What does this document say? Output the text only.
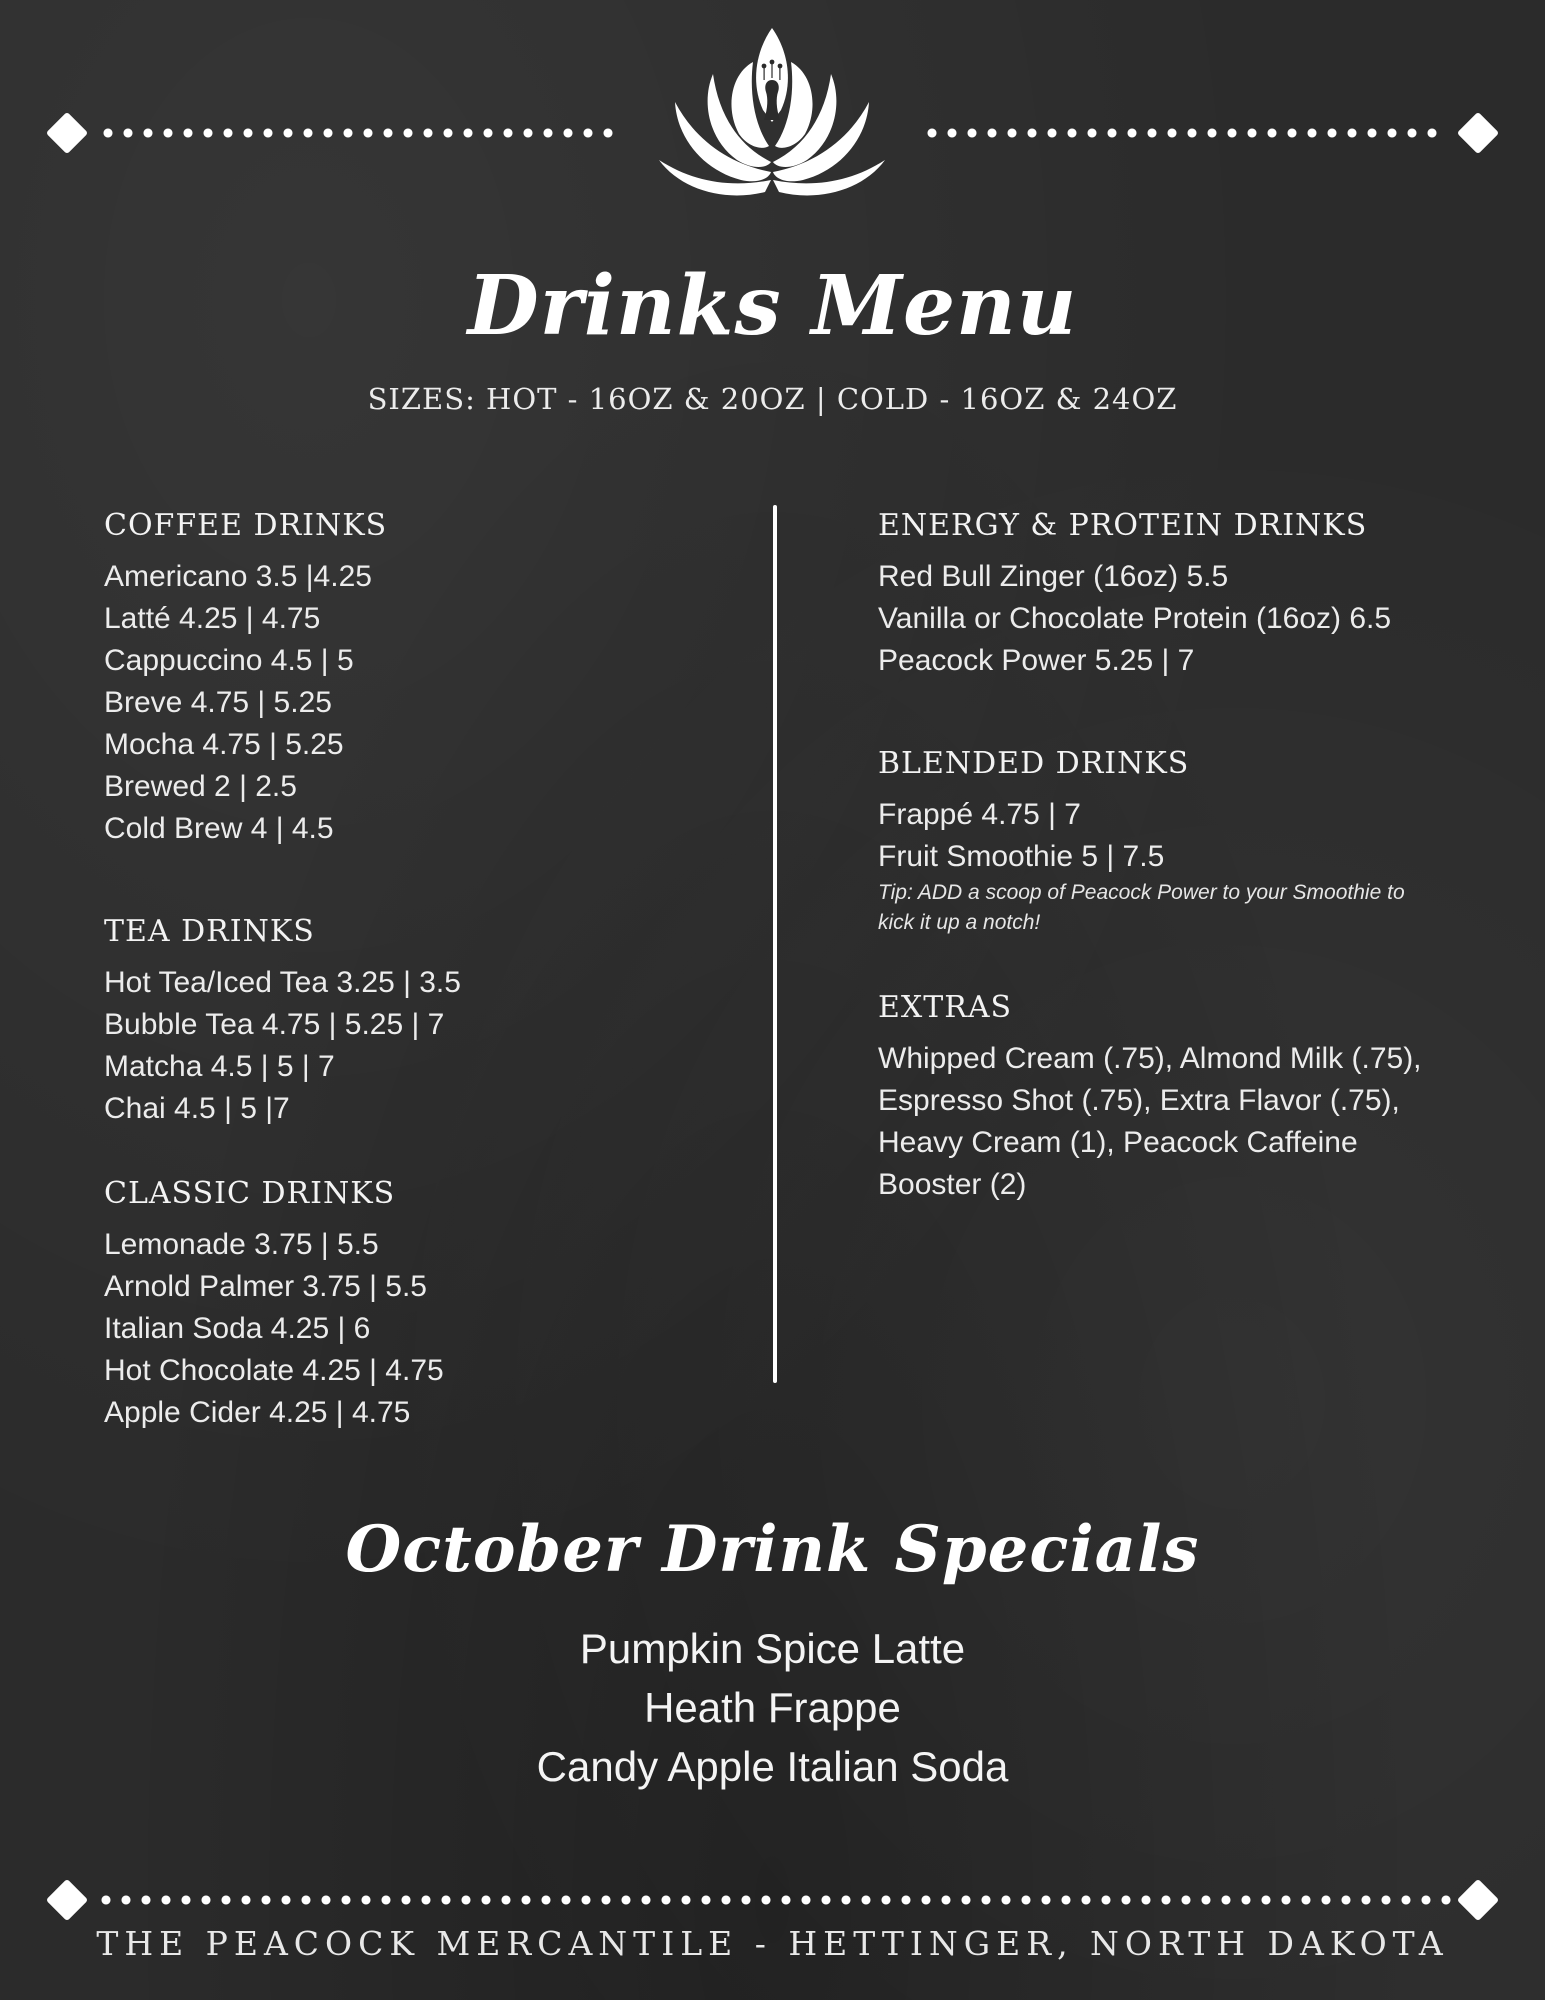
Drinks Menu
SIZES: HOT - 16OZ & 20OZ | COLD - 16OZ & 24OZ
COFFEE DRINKS
Americano 3.5 |4.25
Latté 4.25 | 4.75
Cappuccino 4.5 | 5
Breve 4.75 | 5.25
Mocha 4.75 | 5.25
Brewed 2 | 2.5
Cold Brew 4 | 4.5
TEA DRINKS
Hot Tea/Iced Tea 3.25 | 3.5
Bubble Tea 4.75 | 5.25 | 7
Matcha 4.5 | 5 | 7
Chai 4.5 | 5 |7
CLASSIC DRINKS
Lemonade 3.75 | 5.5
Arnold Palmer 3.75 | 5.5
Italian Soda 4.25 | 6
Hot Chocolate 4.25 | 4.75
Apple Cider 4.25 | 4.75
ENERGY & PROTEIN DRINKS
Red Bull Zinger (16oz) 5.5
Vanilla or Chocolate Protein (16oz) 6.5
Peacock Power 5.25 | 7
BLENDED DRINKS
Frappé 4.75 | 7
Fruit Smoothie 5 | 7.5
Tip: ADD a scoop of Peacock Power to your Smoothie to kick it up a notch!
EXTRAS
Whipped Cream (.75), Almond Milk (.75), Espresso Shot (.75), Extra Flavor (.75), Heavy Cream (1), Peacock Caffeine Booster (2)
October Drink Specials
Pumpkin Spice Latte
Heath Frappe
Candy Apple Italian Soda
THE PEACOCK MERCANTILE - HETTINGER, NORTH DAKOTA
